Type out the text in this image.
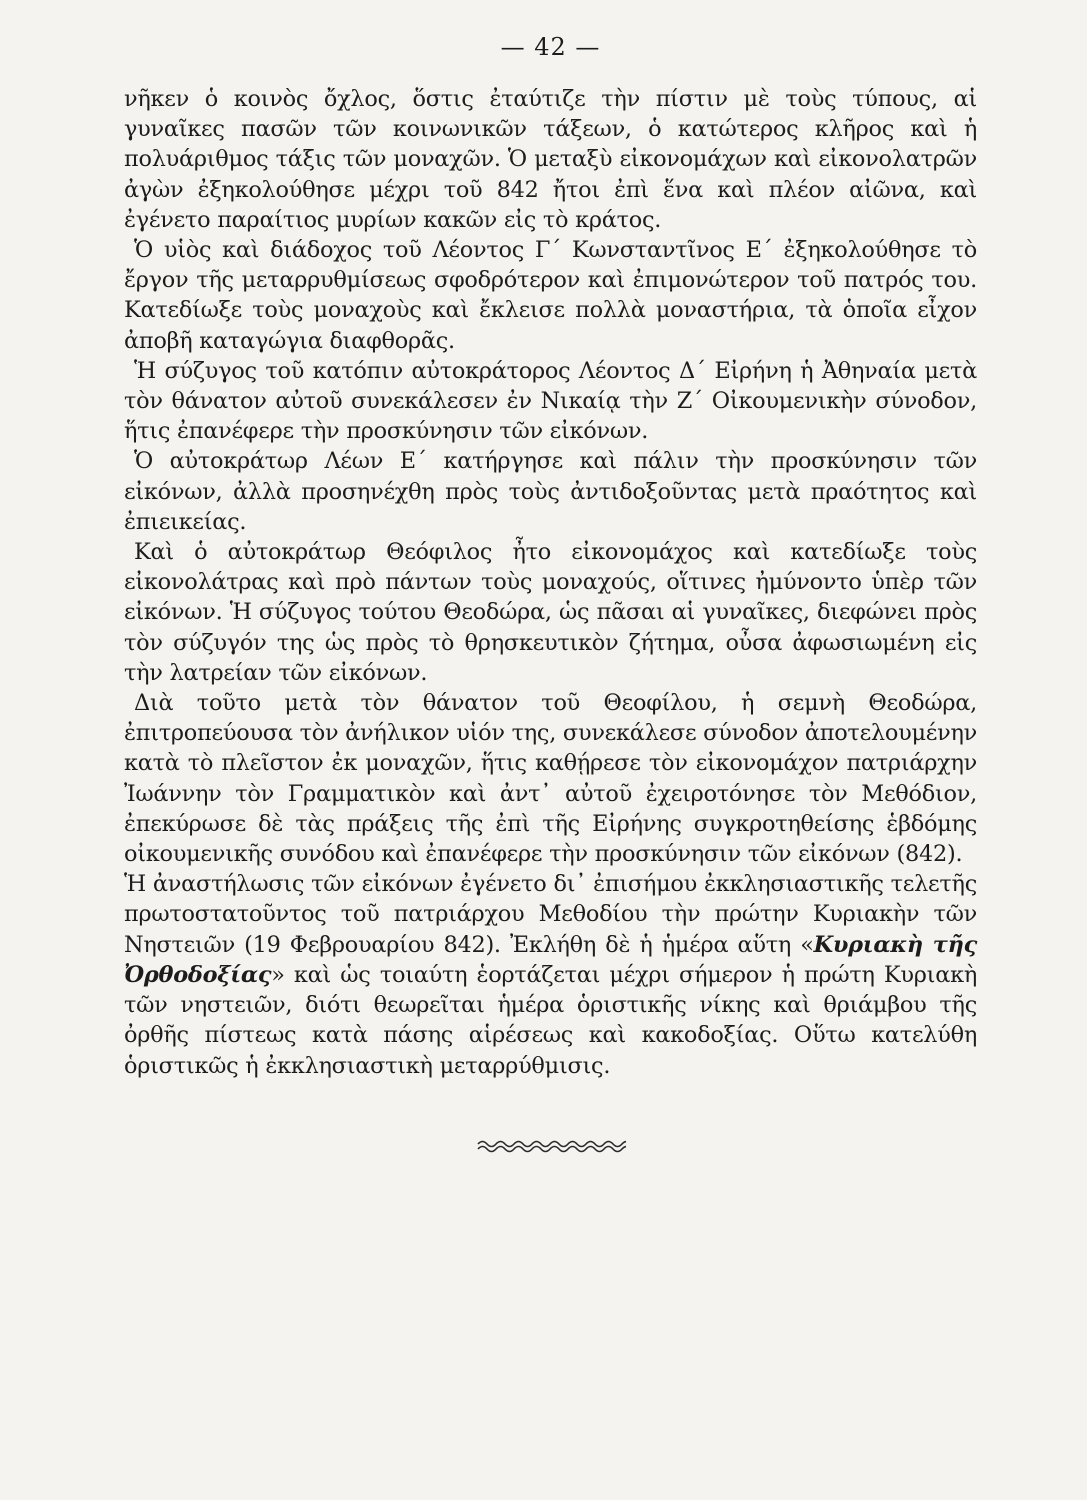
— 42 —

νῆκεν ὁ κοινὸς ὄχλος, ὅστις ἐταύτιζε τὴν πίστιν μὲ τοὺς τύπους, αἱ γυναῖκες πασῶν τῶν κοινωνικῶν τάξεων, ὁ κατώτερος κλῆρος καὶ ἡ πολυάριθμος τάξις τῶν μοναχῶν. Ὁ μεταξὺ εἰκονομάχων καὶ εἰκονολατρῶν ἀγὼν ἐξηκολούθησε μέχρι τοῦ 842 ἤτοι ἐπὶ ἕνα καὶ πλέον αἰῶνα, καὶ ἐγένετο παραίτιος μυρίων κακῶν εἰς τὸ κράτος.

Ὁ υἱὸς καὶ διάδοχος τοῦ Λέοντος Γ΄ Κωνσταντῖνος Ε΄ ἐξηκολούθησε τὸ ἔργον τῆς μεταρρυθμίσεως σφοδρότερον καὶ ἐπιμονώτερον τοῦ πατρός του. Κατεδίωξε τοὺς μοναχοὺς καὶ ἔκλεισε πολλὰ μοναστήρια, τὰ ὁποῖα εἶχον ἀποβῆ καταγώγια διαφθορᾶς.

Ἡ σύζυγος τοῦ κατόπιν αὐτοκράτορος Λέοντος Δ΄ Εἰρήνη ἡ Ἀθηναία μετὰ τὸν θάνατον αὐτοῦ συνεκάλεσεν ἐν Νικαίᾳ τὴν Ζ΄ Οἰκουμενικὴν σύνοδον, ἥτις ἐπανέφερε τὴν προσκύνησιν τῶν εἰκόνων.

Ὁ αὐτοκράτωρ Λέων Ε΄ κατήργησε καὶ πάλιν τὴν προσκύνησιν τῶν εἰκόνων, ἀλλὰ προσηνέχθη πρὸς τοὺς ἀντιδοξοῦντας μετὰ πραότητος καὶ ἐπιεικείας.

Καὶ ὁ αὐτοκράτωρ Θεόφιλος ἦτο εἰκονομάχος καὶ κατεδίωξε τοὺς εἰκονολάτρας καὶ πρὸ πάντων τοὺς μοναχούς, οἵτινες ἠμύνοντο ὑπὲρ τῶν εἰκόνων. Ἡ σύζυγος τούτου Θεοδώρα, ὡς πᾶσαι αἱ γυναῖκες, διεφώνει πρὸς τὸν σύζυγόν της ὡς πρὸς τὸ θρησκευτικὸν ζήτημα, οὖσα ἀφωσιωμένη εἰς τὴν λατρείαν τῶν εἰκόνων.

Διὰ τοῦτο μετὰ τὸν θάνατον τοῦ Θεοφίλου, ἡ σεμνὴ Θεοδώρα, ἐπιτροπεύουσα τὸν ἀνήλικον υἱόν της, συνεκάλεσε σύνοδον ἀποτελουμένην κατὰ τὸ πλεῖστον ἐκ μοναχῶν, ἥτις καθῄρεσε τὸν εἰκονομάχον πατριάρχην Ἰωάννην τὸν Γραμματικὸν καὶ ἀντ᾽ αὐτοῦ ἐχειροτόνησε τὸν Μεθόδιον, ἐπεκύρωσε δὲ τὰς πράξεις τῆς ἐπὶ τῆς Εἰρήνης συγκροτηθείσης ἑβδόμης οἰκουμενικῆς συνόδου καὶ ἐπανέφερε τὴν προσκύνησιν τῶν εἰκόνων (842).

Ἡ ἀναστήλωσις τῶν εἰκόνων ἐγένετο δι᾽ ἐπισήμου ἐκκλησιαστικῆς τελετῆς πρωτοστατοῦντος τοῦ πατριάρχου Μεθοδίου τὴν πρώτην Κυριακὴν τῶν Νηστειῶν (19 Φεβρουαρίου 842). Ἐκλήθη δὲ ἡ ἡμέρα αὕτη «Κυριακὴ τῆς Ὀρθοδοξίας» καὶ ὡς τοιαύτη ἑορτάζεται μέχρι σήμερον ἡ πρώτη Κυριακὴ τῶν νηστειῶν, διότι θεωρεῖται ἡμέρα ὁριστικῆς νίκης καὶ θριάμβου τῆς ὀρθῆς πίστεως κατὰ πάσης αἱρέσεως καὶ κακοδοξίας. Οὕτω κατελύθη ὁριστικῶς ἡ ἐκκλησιαστικὴ μεταρρύθμισις.
